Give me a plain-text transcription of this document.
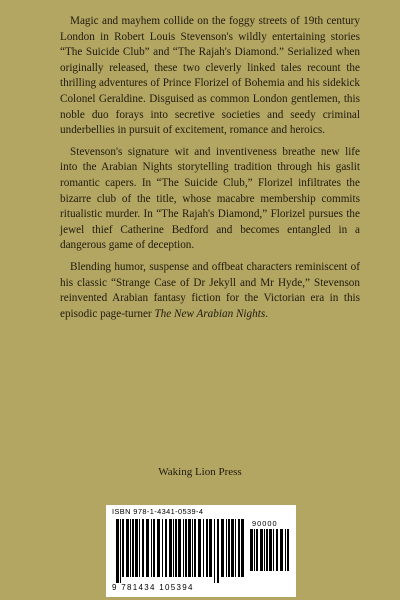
Magic and mayhem collide on the foggy streets of 19th century London in Robert Louis Stevenson's wildly entertaining stories “The Suicide Club” and “The Rajah's Diamond.” Serialized when originally released, these two cleverly linked tales recount the thrilling adventures of Prince Florizel of Bohemia and his sidekick Colonel Geraldine. Disguised as common London gentlemen, this noble duo forays into secretive societies and seedy criminal underbellies in pursuit of excitement, romance and heroics.

Stevenson's signature wit and inventiveness breathe new life into the Arabian Nights storytelling tradition through his gaslit romantic capers. In “The Suicide Club,” Florizel infiltrates the bizarre club of the title, whose macabre membership commits ritualistic murder. In “The Rajah's Diamond,” Florizel pursues the jewel thief Catherine Bedford and becomes entangled in a dangerous game of deception.

Blending humor, suspense and offbeat characters reminiscent of his classic “Strange Case of Dr Jekyll and Mr Hyde,” Stevenson reinvented Arabian fantasy fiction for the Victorian era in this episodic page-turner The New Arabian Nights.

Waking Lion Press
ISBN 978-1-4341-0539-4
90000
9 781434 105394
